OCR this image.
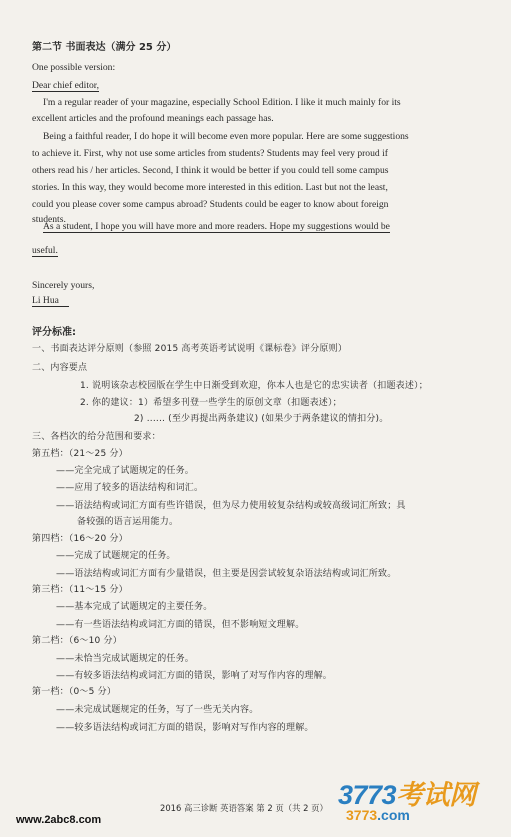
第二节 书面表达（满分 25 分）
One possible version:
Dear chief editor,
I'm a regular reader of your magazine, especially School Edition. I like it much mainly for its
excellent articles and the profound meanings each passage has.
Being a faithful reader, I do hope it will become even more popular. Here are some suggestions
to achieve it. First, why not use some articles from students? Students may feel very proud if
others read his / her articles. Second, I think it would be better if you could tell some campus
stories. In this way, they would become more interested in this edition. Last but not the least,
could you please cover some campus abroad? Students could be eager to know about foreign
students.
As a student, I hope you will have more and more readers. Hope my suggestions would be
useful.
Sincerely yours,
Li Hua
评分标准:
一、书面表达评分原则（参照 2015 高考英语考试说明《课标卷》评分原则）
二、内容要点
1. 说明该杂志校园版在学生中日渐受到欢迎，你本人也是它的忠实读者（扣题表述）；
2. 你的建议：1）希望多刊登一些学生的原创文章（扣题表述）；
2) ...... (至少再提出两条建议) (如果少于两条建议的情扣分)。
三、各档次的给分范围和要求：
第五档：（21～25 分）
——完全完成了试题规定的任务。
——应用了较多的语法结构和词汇。
——语法结构或词汇方面有些许错误，但为尽力使用较复杂结构或较高级词汇所致；具
备较强的语言运用能力。
第四档：（16～20 分）
——完成了试题规定的任务。
——语法结构或词汇方面有少量错误，但主要是因尝试较复杂语法结构或词汇所致。
第三档：（11～15 分）
——基本完成了试题规定的主要任务。
——有一些语法结构或词汇方面的错误，但不影响短文理解。
第二档：（6～10 分）
——未恰当完成试题规定的任务。
——有较多语法结构或词汇方面的错误，影响了对写作内容的理解。
第一档：（0～5 分）
——未完成试题规定的任务，写了一些无关内容。
——较多语法结构或词汇方面的错误，影响对写作内容的理解。
2016 高三诊断 英语答案 第 2 页（共 2 页）
www.2abc8.com
3773考试网
3773.com
